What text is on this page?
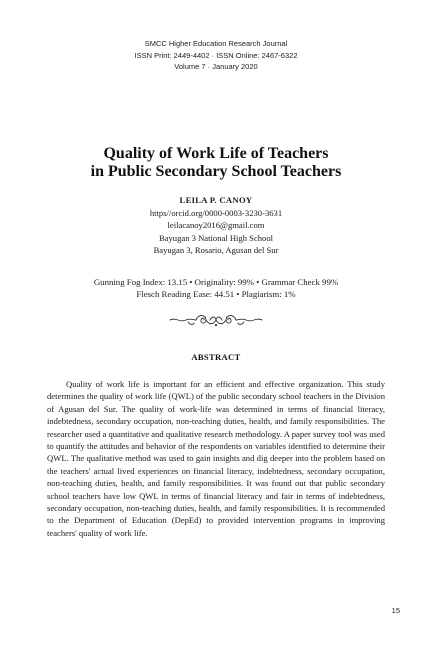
SMCC Higher Education Research Journal
ISSN Print: 2449-4402 · ISSN Online: 2467-6322
Volume 7 · January 2020
Quality of Work Life of Teachers
in Public Secondary School Teachers
LEILA P. CANOY
https//orcid.org/0000-0003-3230-3631
leilacanoy2016@gmail.com
Bayugan 3 National High School
Bayugan 3, Rosario, Agusan del Sur
Gunning Fog Index: 13.15 • Originality: 99% • Grammar Check 99%
Flesch Reading Ease: 44.51 • Plagiarism: 1%
ABSTRACT

Quality of work life is important for an efficient and effective organization. This study determines the quality of work life (QWL) of the public secondary school teachers in the Division of Agusan del Sur. The quality of work-life was determined in terms of financial literacy, indebtedness, secondary occupation, non-teaching duties, health, and family responsibilities. The researcher used a quantitative and qualitative research methodology. A paper survey tool was used to quantify the attitudes and behavior of the respondents on variables identified to determine their QWL. The qualitative method was used to gain insights and dig deeper into the problem based on the teachers' actual lived experiences on financial literacy, indebtedness, secondary occupation, non-teaching duties, health, and family responsibilities. It was found out that public secondary school teachers have low QWL in terms of financial literacy and fair in terms of indebtedness, secondary occupation, non-teaching duties, health, and family responsibilities. It is recommended to the Department of Education (DepEd) to provided intervention programs in improving teachers' quality of work life.

15
